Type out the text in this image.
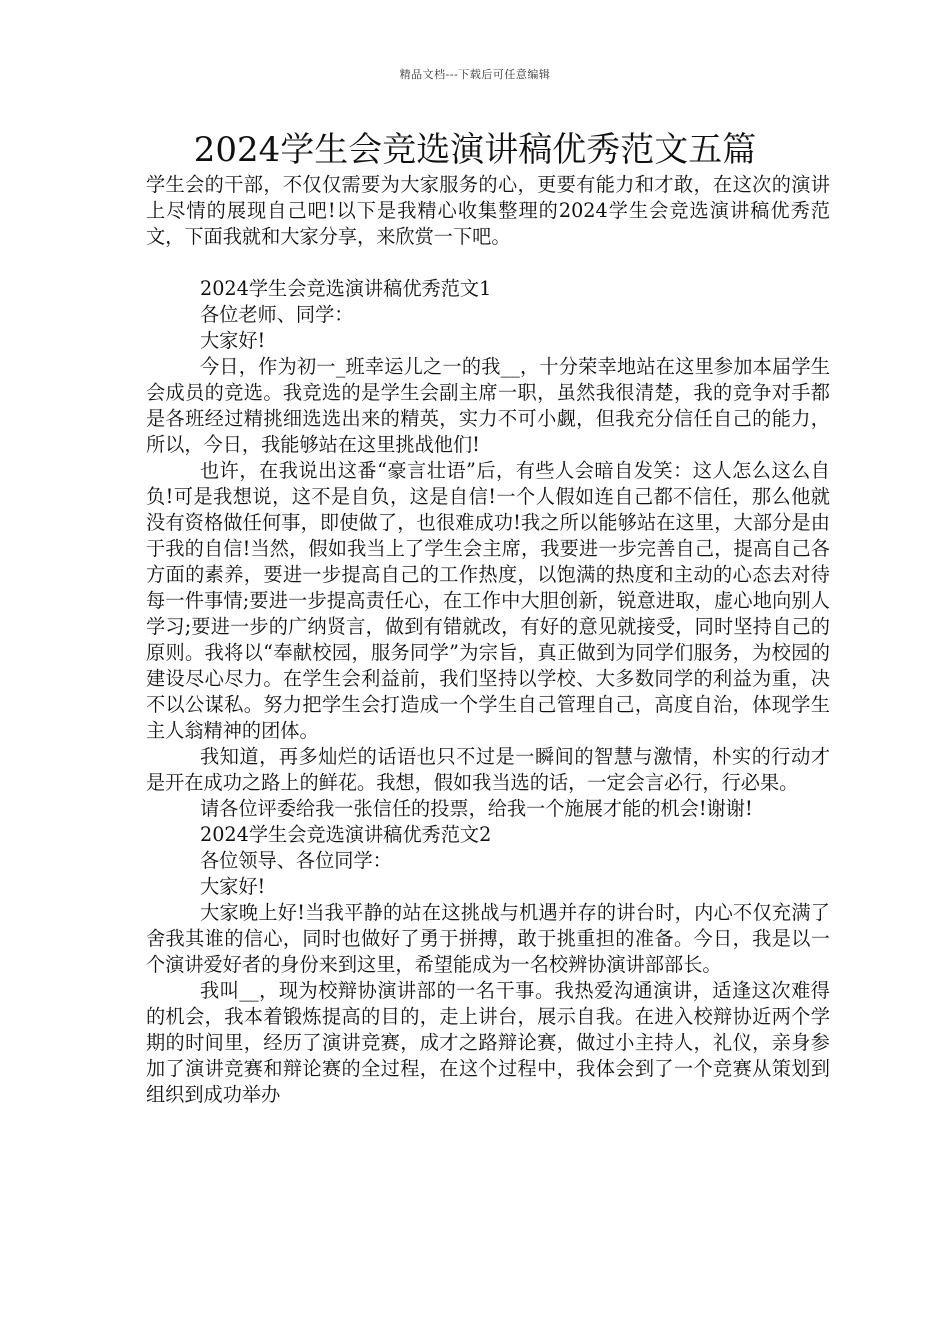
精品文档---下载后可任意编辑
2024学生会竞选演讲稿优秀范文五篇

学生会的干部，不仅仅需要为大家服务的心，更要有能力和才敢，在这次的演讲上尽情的展现自己吧!以下是我精心收集整理的2024学生会竞选演讲稿优秀范文，下面我就和大家分享，来欣赏一下吧。

2024学生会竞选演讲稿优秀范文1

各位老师、同学：

大家好!

今日，作为初一_班幸运儿之一的我__，十分荣幸地站在这里参加本届学生会成员的竞选。我竞选的是学生会副主席一职，虽然我很清楚，我的竞争对手都是各班经过精挑细选选出来的精英，实力不可小觑，但我充分信任自己的能力，所以，今日，我能够站在这里挑战他们!

也许，在我说出这番“豪言壮语”后，有些人会暗自发笑：这人怎么这么自负!可是我想说，这不是自负，这是自信!一个人假如连自己都不信任，那么他就没有资格做任何事，即使做了，也很难成功!我之所以能够站在这里，大部分是由于我的自信!当然，假如我当上了学生会主席，我要进一步完善自己，提高自己各方面的素养，要进一步提高自己的工作热度，以饱满的热度和主动的心态去对待每一件事情;要进一步提高责任心，在工作中大胆创新，锐意进取，虚心地向别人学习;要进一步的广纳贤言，做到有错就改，有好的意见就接受，同时坚持自己的原则。我将以“奉献校园，服务同学”为宗旨，真正做到为同学们服务，为校园的建设尽心尽力。在学生会利益前，我们坚持以学校、大多数同学的利益为重，决不以公谋私。努力把学生会打造成一个学生自己管理自己，高度自治，体现学生主人翁精神的团体。

我知道，再多灿烂的话语也只不过是一瞬间的智慧与激情，朴实的行动才是开在成功之路上的鲜花。我想，假如我当选的话，一定会言必行，行必果。

请各位评委给我一张信任的投票，给我一个施展才能的机会!谢谢!

2024学生会竞选演讲稿优秀范文2

各位领导、各位同学：

大家好!

大家晚上好!当我平静的站在这挑战与机遇并存的讲台时，内心不仅充满了舍我其谁的信心，同时也做好了勇于拼搏，敢于挑重担的准备。今日，我是以一个演讲爱好者的身份来到这里，希望能成为一名校辨协演讲部部长。

我叫__，现为校辩协演讲部的一名干事。我热爱沟通演讲，适逢这次难得的机会，我本着锻炼提高的目的，走上讲台，展示自我。在进入校辩协近两个学期的时间里，经历了演讲竞赛，成才之路辩论赛，做过小主持人，礼仪，亲身参加了演讲竞赛和辩论赛的全过程，在这个过程中，我体会到了一个竞赛从策划到组织到成功举办
